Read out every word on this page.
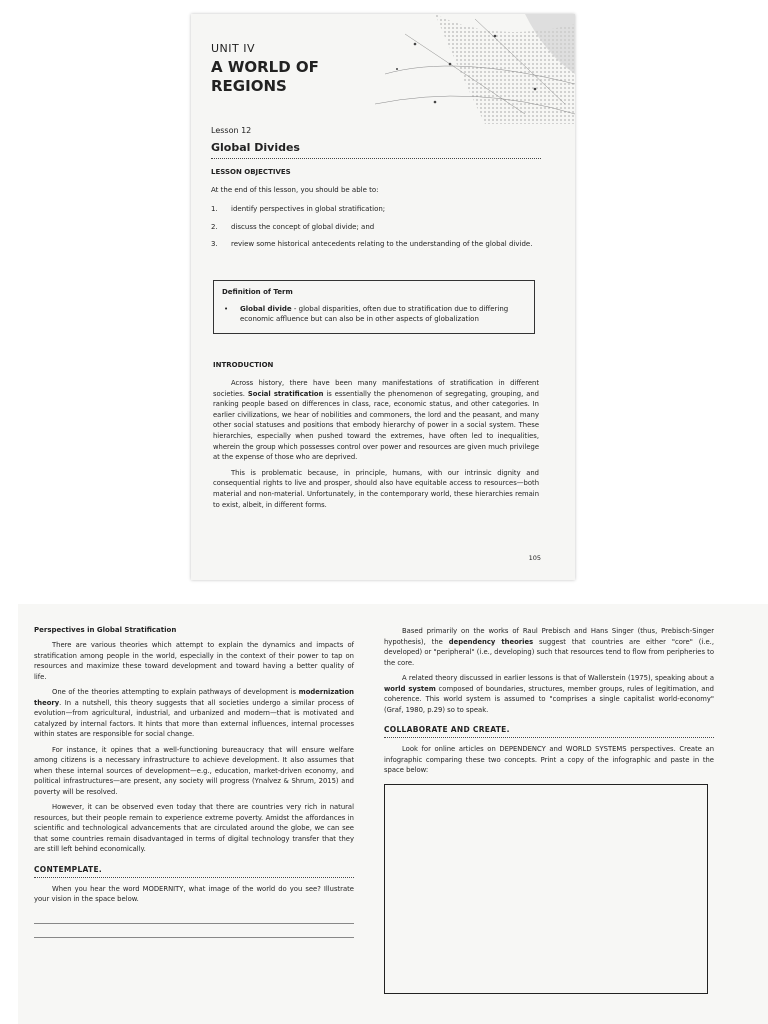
UNIT IV
A WORLD OF REGIONS
Lesson 12
Global Divides
LESSON OBJECTIVES
At the end of this lesson, you should be able to:
1.	identify perspectives in global stratification;
2.	discuss the concept of global divide; and
3.	review some historical antecedents relating to the understanding of the global divide.
Definition of Term
•	Global divide - global disparities, often due to stratification due to differing economic affluence but can also be in other aspects of globalization
INTRODUCTION

Across history, there have been many manifestations of stratification in different societies. Social stratification is essentially the phenomenon of segregating, grouping, and ranking people based on differences in class, race, economic status, and other categories. In earlier civilizations, we hear of nobilities and commoners, the lord and the peasant, and many other social statuses and positions that embody hierarchy of power in a social system. These hierarchies, especially when pushed toward the extremes, have often led to inequalities, wherein the group which possesses control over power and resources are given much privilege at the expense of those who are deprived.

This is problematic because, in principle, humans, with our intrinsic dignity and consequential rights to live and prosper, should also have equitable access to resources—both material and non-material. Unfortunately, in the contemporary world, these hierarchies remain to exist, albeit, in different forms.

105
Perspectives in Global Stratification

There are various theories which attempt to explain the dynamics and impacts of stratification among people in the world, especially in the context of their power to tap on resources and maximize these toward development and toward having a better quality of life.

One of the theories attempting to explain pathways of development is modernization theory. In a nutshell, this theory suggests that all societies undergo a similar process of evolution—from agricultural, industrial, and urbanized and modern—that is motivated and catalyzed by internal factors. It hints that more than external influences, internal processes within states are responsible for social change.

For instance, it opines that a well-functioning bureaucracy that will ensure welfare among citizens is a necessary infrastructure to achieve development. It also assumes that when these internal sources of development—e.g., education, market-driven economy, and political infrastructures—are present, any society will progress (Ynalvez & Shrum, 2015) and poverty will be resolved.

However, it can be observed even today that there are countries very rich in natural resources, but their people remain to experience extreme poverty. Amidst the affordances in scientific and technological advancements that are circulated around the globe, we can see that some countries remain disadvantaged in terms of digital technology transfer that they are still left behind economically.

CONTEMPLATE.

When you hear the word MODERNITY, what image of the world do you see? Illustrate your vision in the space below.

Based primarily on the works of Raul Prebisch and Hans Singer (thus, Prebisch-Singer hypothesis), the dependency theories suggest that countries are either "core" (i.e., developed) or "peripheral" (i.e., developing) such that resources tend to flow from peripheries to the core.

A related theory discussed in earlier lessons is that of Wallerstein (1975), speaking about a world system composed of boundaries, structures, member groups, rules of legitimation, and coherence. This world system is assumed to "comprises a single capitalist world-economy" (Graf, 1980, p.29) so to speak.

COLLABORATE AND CREATE.

Look for online articles on DEPENDENCY and WORLD SYSTEMS perspectives. Create an infographic comparing these two concepts. Print a copy of the infographic and paste in the space below:
